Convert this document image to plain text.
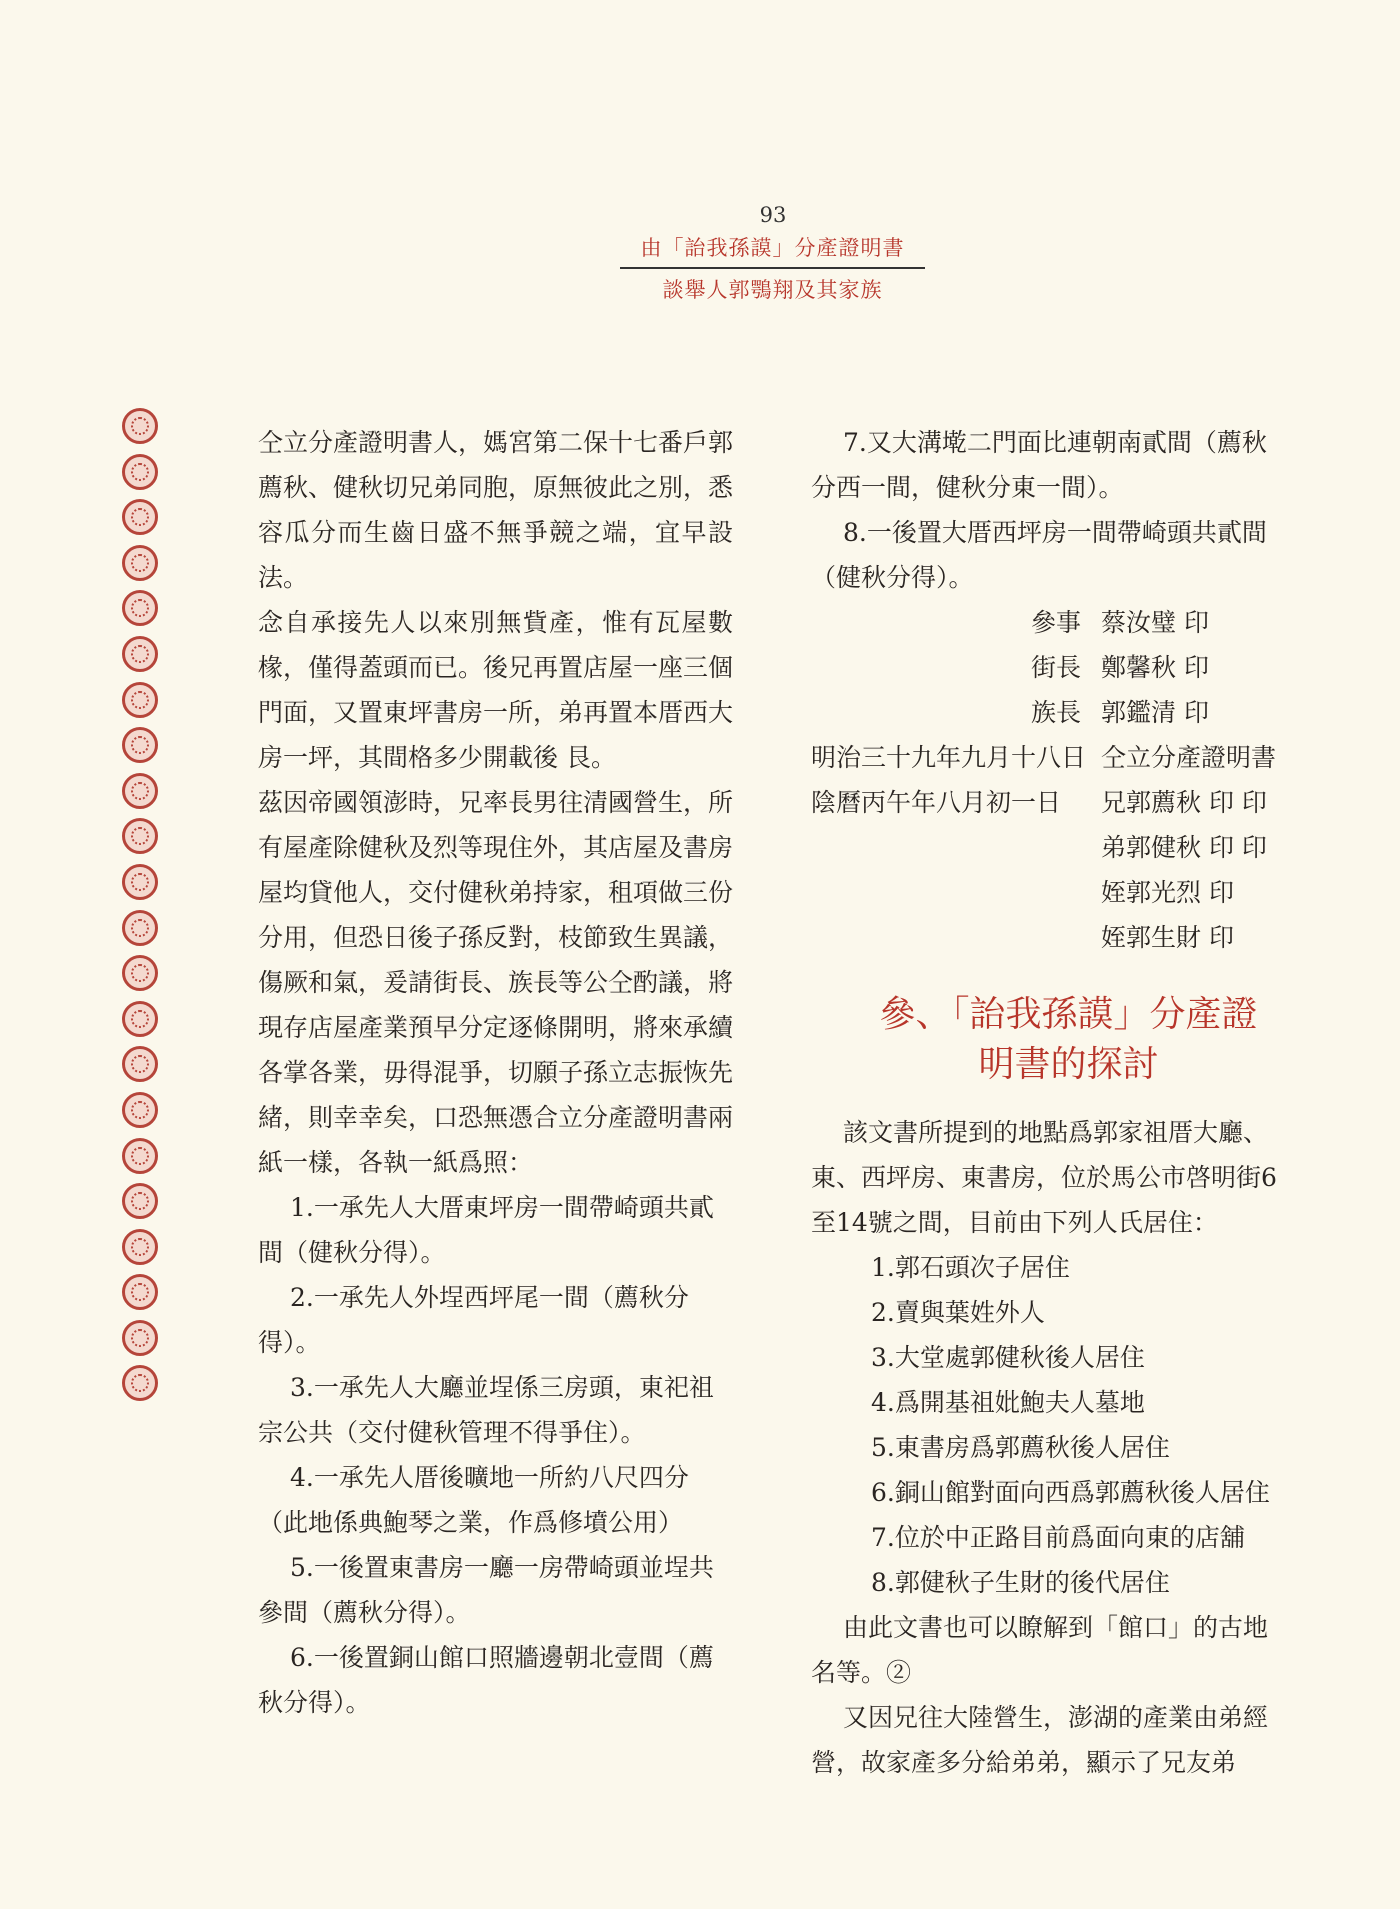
93
由「詒我孫謨」分產證明書
談舉人郭鶚翔及其家族

仝立分產證明書人，媽宮第二保十七番戶郭薦秋、健秋切兄弟同胞，原無彼此之別，悉容瓜分而生齒日盛不無爭競之端，宜早設法。

念自承接先人以來別無貲產，惟有瓦屋數椽，僅得蓋頭而已。後兄再置店屋一座三個門面，又置東坪書房一所，弟再置本厝西大房一坪，其間格多少開載後 艮。

茲因帝國領澎時，兄率長男往清國營生，所有屋產除健秋及烈等現住外，其店屋及書房屋均貸他人，交付健秋弟持家，租項做三份分用，但恐日後子孫反對，枝節致生異議，傷厥和氣，爰請街長、族長等公仝酌議，將現存店屋產業預早分定逐條開明，將來承續各掌各業，毋得混爭，切願子孫立志振恢先緒，則幸幸矣，口恐無憑合立分產證明書兩紙一樣，各執一紙爲照：

1.一承先人大厝東坪房一間帶崎頭共貳間（健秋分得）。

2.一承先人外埕西坪尾一間（薦秋分得）。

3.一承先人大廳並埕係三房頭，東祀祖宗公共（交付健秋管理不得爭住）。

4.一承先人厝後曠地一所約八尺四分（此地係典鮑琴之業，作爲修墳公用）

5.一後置東書房一廳一房帶崎頭並埕共參間（薦秋分得）。

6.一後置銅山館口照牆邊朝北壹間（薦秋分得）。

7.又大溝墘二門面比連朝南貳間（薦秋分西一間，健秋分東一間）。

8.一後置大厝西坪房一間帶崎頭共貳間（健秋分得）。

參事 蔡汝璧 印
街長 鄭馨秋 印
族長 郭鑑清 印
明治三十九年九月十八日 仝立分產證明書
陰曆丙午年八月初一日	兄郭薦秋 印 印
弟郭健秋 印 印
姪郭光烈 印
姪郭生財 印
參、「詒我孫謨」分產證
明書的探討

該文書所提到的地點爲郭家祖厝大廳、東、西坪房、東書房，位於馬公市啓明街6至14號之間，目前由下列人氏居住：

1.郭石頭次子居住

2.賣與葉姓外人

3.大堂處郭健秋後人居住

4.爲開基祖妣鮑夫人墓地

5.東書房爲郭薦秋後人居住

6.銅山館對面向西爲郭薦秋後人居住

7.位於中正路目前爲面向東的店舖

8.郭健秋子生財的後代居住

由此文書也可以瞭解到「館口」的古地名等。②

又因兄往大陸營生，澎湖的產業由弟經營，故家產多分給弟弟，顯示了兄友弟
